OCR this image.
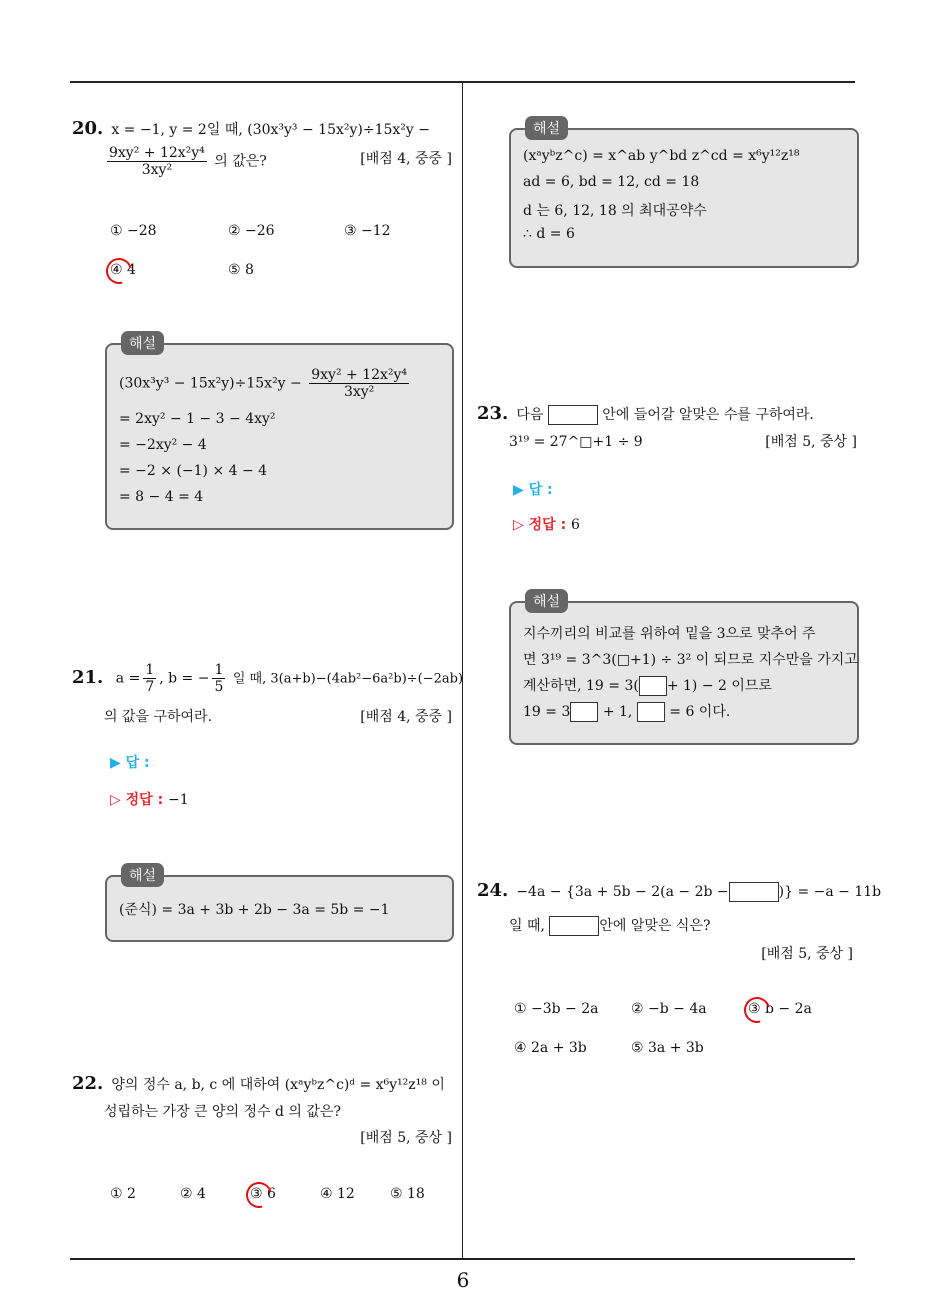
6
20. x = −1, y = 2일 때, (30x³y³ − 15x²y)÷15x²y −
$\frac{\text{9xy² + 12x²y⁴}}{\text{3xy²}}$ 의 값은?	[배점 4, 중중 ]
① −28	② −26	③ −12
④ 4	⑤ 8
해설
$(30x^3y^3 - 15x^2y)\div 15x^2y - \frac{\text{9xy² + 12x²y⁴}}{\text{3xy²}}$
= 2xy² − 1 − 3 − 4xy²
= −2xy² − 4
= −2 × (−1) × 4 − 4
= 8 − 4 = 4
21. $a = \frac{1}{7}$ , b = − $\frac{1}{5}$ 일 때, 3(a+b)−(4ab²−6a²b)÷(−2ab)
의 값을 구하여라.	[배점 4, 중중 ]
▶ 답 :
▷ 정답 : −1
해설
(준식) = 3a + 3b + 2b − 3a = 5b = −1
22. 양의 정수 a, b, c 에 대하여 (xᵃyᵇz^c)ᵈ = x⁶y¹²z¹⁸ 이
성립하는 가장 큰 양의 정수 d 의 값은?
[배점 5, 중상 ]
① 2	② 4	③ 6	④ 12	⑤ 18
해설
(xᵃyᵇz^c) = x^ab y^bd z^cd = x⁶y¹²z¹⁸
ad = 6, bd = 12, cd = 18
d 는 6, 12, 18 의 최대공약수
∴ d = 6
23. 다음	안에 들어갈 알맞은 수를 구하여라.
3¹⁹ = 27^□+1 ÷ 9	[배점 5, 중상 ]
▶ 답 :
▷ 정답 : 6
해설
지수끼리의 비교를 위하여 밑을 3으로 맞추어 주
면 3¹⁹ = 3^3(□+1) ÷ 3² 이 되므로 지수만을 가지고
계산하면, 19 = 3( + 1) − 2 이므로
19 = 3 + 1,	= 6 이다.
24. −4a − {3a + 5b − 2(a − 2b −	)} = −a − 11b
일 때,	안에 알맞은 식은?
[배점 5, 중상 ]
① −3b − 2a ② −b − 4a	③ b − 2a
④ 2a + 3b	⑤ 3a + 3b
